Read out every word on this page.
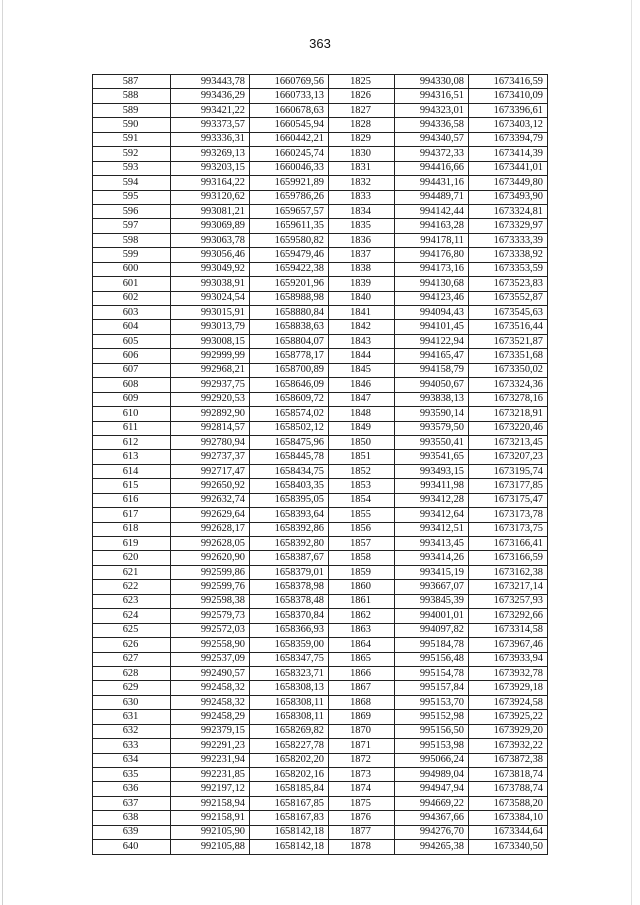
363
587	993443,78	1660769,56	1825	994330,08	1673416,59
588	993436,29	1660733,13	1826	994316,51	1673410,09
589	993421,22	1660678,63	1827	994323,01	1673396,61
590	993373,57	1660545,94	1828	994336,58	1673403,12
591	993336,31	1660442,21	1829	994340,57	1673394,79
592	993269,13	1660245,74	1830	994372,33	1673414,39
593	993203,15	1660046,33	1831	994416,66	1673441,01
594	993164,22	1659921,89	1832	994431,16	1673449,80
595	993120,62	1659786,26	1833	994489,71	1673493,90
596	993081,21	1659657,57	1834	994142,44	1673324,81
597	993069,89	1659611,35	1835	994163,28	1673329,97
598	993063,78	1659580,82	1836	994178,11	1673333,39
599	993056,46	1659479,46	1837	994176,80	1673338,92
600	993049,92	1659422,38	1838	994173,16	1673353,59
601	993038,91	1659201,96	1839	994130,68	1673523,83
602	993024,54	1658988,98	1840	994123,46	1673552,87
603	993015,91	1658880,84	1841	994094,43	1673545,63
604	993013,79	1658838,63	1842	994101,45	1673516,44
605	993008,15	1658804,07	1843	994122,94	1673521,87
606	992999,99	1658778,17	1844	994165,47	1673351,68
607	992968,21	1658700,89	1845	994158,79	1673350,02
608	992937,75	1658646,09	1846	994050,67	1673324,36
609	992920,53	1658609,72	1847	993838,13	1673278,16
610	992892,90	1658574,02	1848	993590,14	1673218,91
611	992814,57	1658502,12	1849	993579,50	1673220,46
612	992780,94	1658475,96	1850	993550,41	1673213,45
613	992737,37	1658445,78	1851	993541,65	1673207,23
614	992717,47	1658434,75	1852	993493,15	1673195,74
615	992650,92	1658403,35	1853	993411,98	1673177,85
616	992632,74	1658395,05	1854	993412,28	1673175,47
617	992629,64	1658393,64	1855	993412,64	1673173,78
618	992628,17	1658392,86	1856	993412,51	1673173,75
619	992628,05	1658392,80	1857	993413,45	1673166,41
620	992620,90	1658387,67	1858	993414,26	1673166,59
621	992599,86	1658379,01	1859	993415,19	1673162,38
622	992599,76	1658378,98	1860	993667,07	1673217,14
623	992598,38	1658378,48	1861	993845,39	1673257,93
624	992579,73	1658370,84	1862	994001,01	1673292,66
625	992572,03	1658366,93	1863	994097,82	1673314,58
626	992558,90	1658359,00	1864	995184,78	1673967,46
627	992537,09	1658347,75	1865	995156,48	1673933,94
628	992490,57	1658323,71	1866	995154,78	1673932,78
629	992458,32	1658308,13	1867	995157,84	1673929,18
630	992458,32	1658308,11	1868	995153,70	1673924,58
631	992458,29	1658308,11	1869	995152,98	1673925,22
632	992379,15	1658269,82	1870	995156,50	1673929,20
633	992291,23	1658227,78	1871	995153,98	1673932,22
634	992231,94	1658202,20	1872	995066,24	1673872,38
635	992231,85	1658202,16	1873	994989,04	1673818,74
636	992197,12	1658185,84	1874	994947,94	1673788,74
637	992158,94	1658167,85	1875	994669,22	1673588,20
638	992158,91	1658167,83	1876	994367,66	1673384,10
639	992105,90	1658142,18	1877	994276,70	1673344,64
640	992105,88	1658142,18	1878	994265,38	1673340,50
